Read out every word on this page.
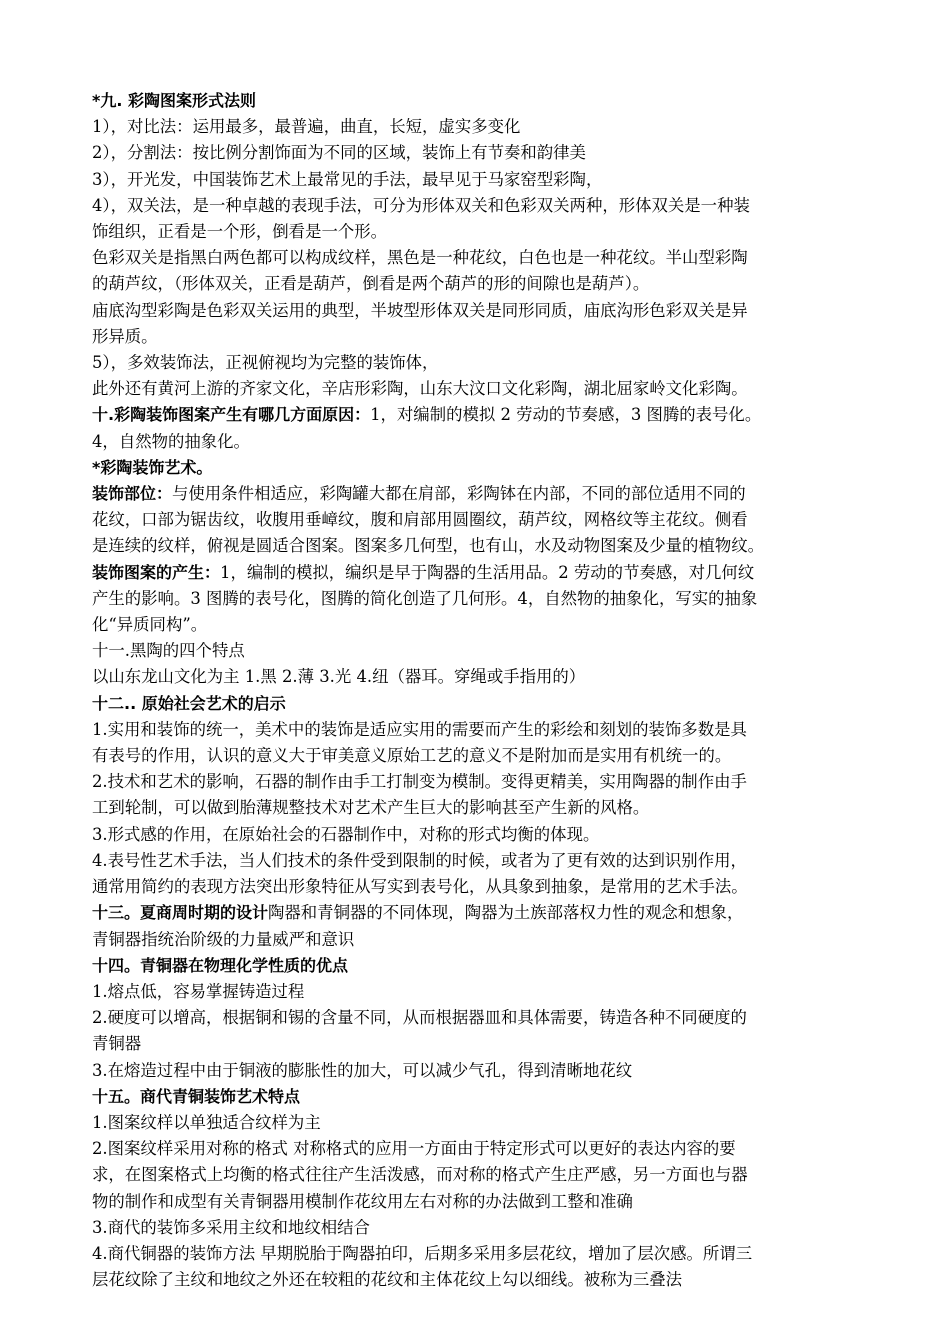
*九. 彩陶图案形式法则
1），对比法：运用最多，最普遍，曲直，长短，虚实多变化
2），分割法：按比例分割饰面为不同的区域，装饰上有节奏和韵律美
3），开光发，中国装饰艺术上最常见的手法，最早见于马家窑型彩陶，
4），双关法，是一种卓越的表现手法，可分为形体双关和色彩双关两种，形体双关是一种装
饰组织，正看是一个形，倒看是一个形。
色彩双关是指黑白两色都可以构成纹样，黑色是一种花纹，白色也是一种花纹。半山型彩陶
的葫芦纹，（形体双关，正看是葫芦，倒看是两个葫芦的形的间隙也是葫芦）。
庙底沟型彩陶是色彩双关运用的典型，半坡型形体双关是同形同质，庙底沟形色彩双关是异
形异质。
5），多效装饰法，正视俯视均为完整的装饰体，
此外还有黄河上游的齐家文化，辛店形彩陶，山东大汶口文化彩陶，湖北屈家岭文化彩陶。
十.彩陶装饰图案产生有哪几方面原因：1，对编制的模拟 2 劳动的节奏感，3 图腾的表号化。
4，自然物的抽象化。
*彩陶装饰艺术。
装饰部位：与使用条件相适应，彩陶罐大都在肩部，彩陶钵在内部，不同的部位适用不同的
花纹，口部为锯齿纹，收腹用垂嶂纹，腹和肩部用圆圈纹，葫芦纹，网格纹等主花纹。侧看
是连续的纹样，俯视是圆适合图案。图案多几何型，也有山，水及动物图案及少量的植物纹。
装饰图案的产生：1，编制的模拟，编织是早于陶器的生活用品。2 劳动的节奏感，对几何纹
产生的影响。3 图腾的表号化，图腾的简化创造了几何形。4，自然物的抽象化，写实的抽象
化“异质同构”。
十一.黑陶的四个特点
以山东龙山文化为主 1.黑 2.薄 3.光 4.纽（器耳。穿绳或手指用的）
十二.. 原始社会艺术的启示
1.实用和装饰的统一，美术中的装饰是适应实用的需要而产生的彩绘和刻划的装饰多数是具
有表号的作用，认识的意义大于审美意义原始工艺的意义不是附加而是实用有机统一的。
2.技术和艺术的影响，石器的制作由手工打制变为模制。变得更精美，实用陶器的制作由手
工到轮制，可以做到胎薄规整技术对艺术产生巨大的影响甚至产生新的风格。
3.形式感的作用，在原始社会的石器制作中，对称的形式均衡的体现。
4.表号性艺术手法，当人们技术的条件受到限制的时候，或者为了更有效的达到识别作用，
通常用简约的表现方法突出形象特征从写实到表号化，从具象到抽象，是常用的艺术手法。
十三。夏商周时期的设计陶器和青铜器的不同体现，陶器为土族部落权力性的观念和想象，
青铜器指统治阶级的力量威严和意识
十四。青铜器在物理化学性质的优点
1.熔点低，容易掌握铸造过程
2.硬度可以增高，根据铜和锡的含量不同，从而根据器皿和具体需要，铸造各种不同硬度的
青铜器
3.在熔造过程中由于铜液的膨胀性的加大，可以减少气孔，得到清晰地花纹
十五。商代青铜装饰艺术特点
1.图案纹样以单独适合纹样为主
2.图案纹样采用对称的格式 对称格式的应用一方面由于特定形式可以更好的表达内容的要
求，在图案格式上均衡的格式往往产生活泼感，而对称的格式产生庄严感，另一方面也与器
物的制作和成型有关青铜器用模制作花纹用左右对称的办法做到工整和准确
3.商代的装饰多采用主纹和地纹相结合
4.商代铜器的装饰方法 早期脱胎于陶器拍印，后期多采用多层花纹，增加了层次感。所谓三
层花纹除了主纹和地纹之外还在较粗的花纹和主体花纹上勾以细线。被称为三叠法
